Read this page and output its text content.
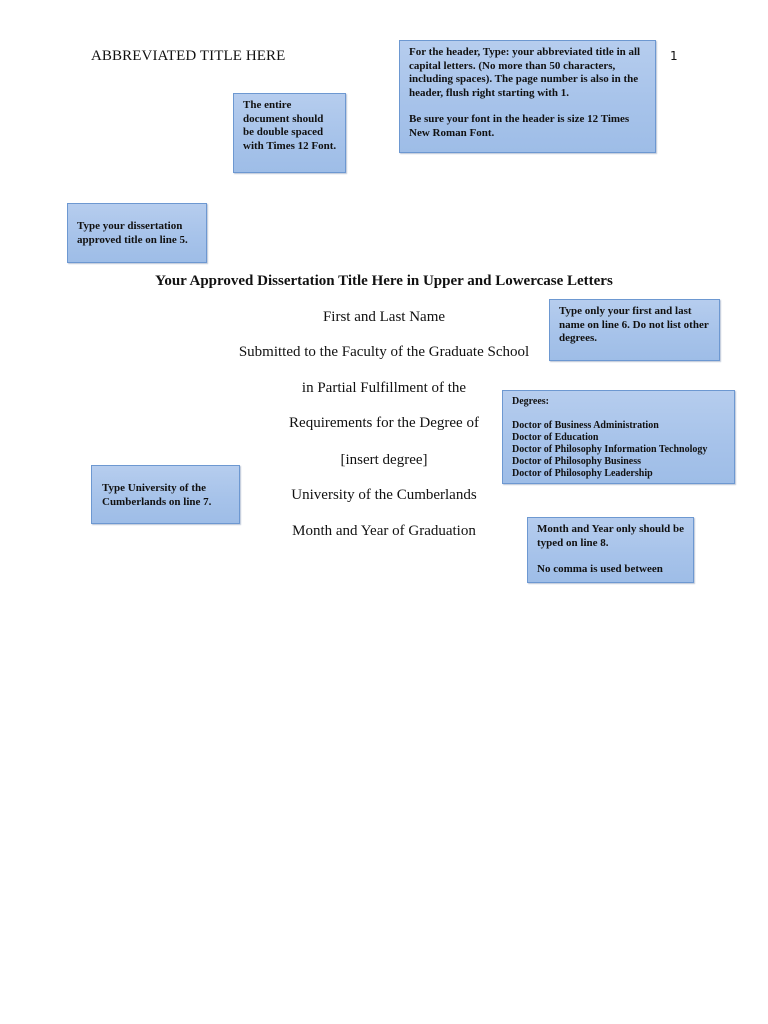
ABBREVIATED TITLE HERE	1
Your Approved Dissertation Title Here in Upper and Lowercase Letters
First and Last Name
Submitted to the Faculty of the Graduate School
in Partial Fulfillment of the
Requirements for the Degree of
[insert degree]
University of the Cumberlands
Month and Year of Graduation

For the header, Type: your abbreviated title in all capital letters. (No more than 50 characters, including spaces). The page number is also in the header, flush right starting with 1.

Be sure your font in the header is size 12 Times New Roman Font.

The entire document should be double spaced with Times 12 Font.

Type your dissertation approved title on line 5.

Type only your first and last name on line 6. Do not list other degrees.

Degrees:

Doctor of Business Administration

Doctor of Education

Doctor of Philosophy Information Technology

Doctor of Philosophy Business

Doctor of Philosophy Leadership

Type University of the Cumberlands on line 7.

Month and Year only should be typed on line 8.

No comma is used between
